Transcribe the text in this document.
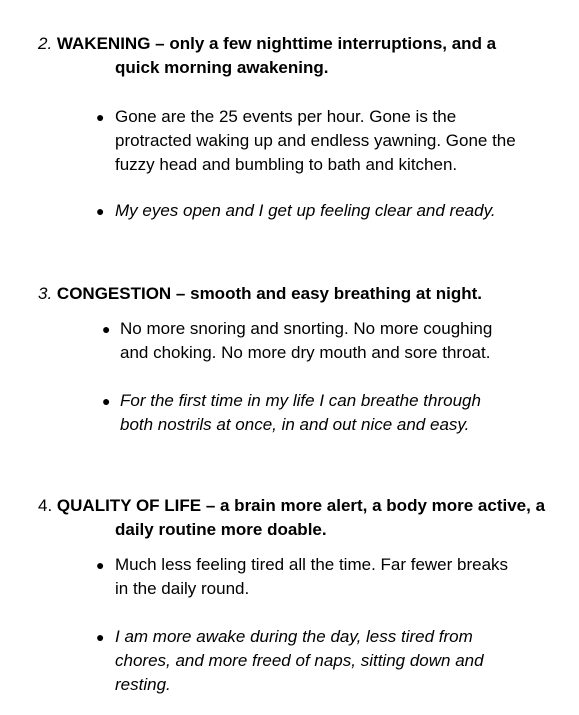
2. WAKENING – only a few nighttime interruptions, and a
quick morning awakening.

● Gone are the 25 events per hour. Gone is the
protracted waking up and endless yawning. Gone the
fuzzy head and bumbling to bath and kitchen.
● My eyes open and I get up feeling clear and ready.

3. CONGESTION – smooth and easy breathing at night.

● No more snoring and snorting. No more coughing
and choking. No more dry mouth and sore throat.
● For the first time in my life I can breathe through
both nostrils at once, in and out nice and easy.

4. QUALITY OF LIFE – a brain more alert, a body more active, a
daily routine more doable.

● Much less feeling tired all the time. Far fewer breaks
in the daily round.
● I am more awake during the day, less tired from
chores, and more freed of naps, sitting down and
resting.
